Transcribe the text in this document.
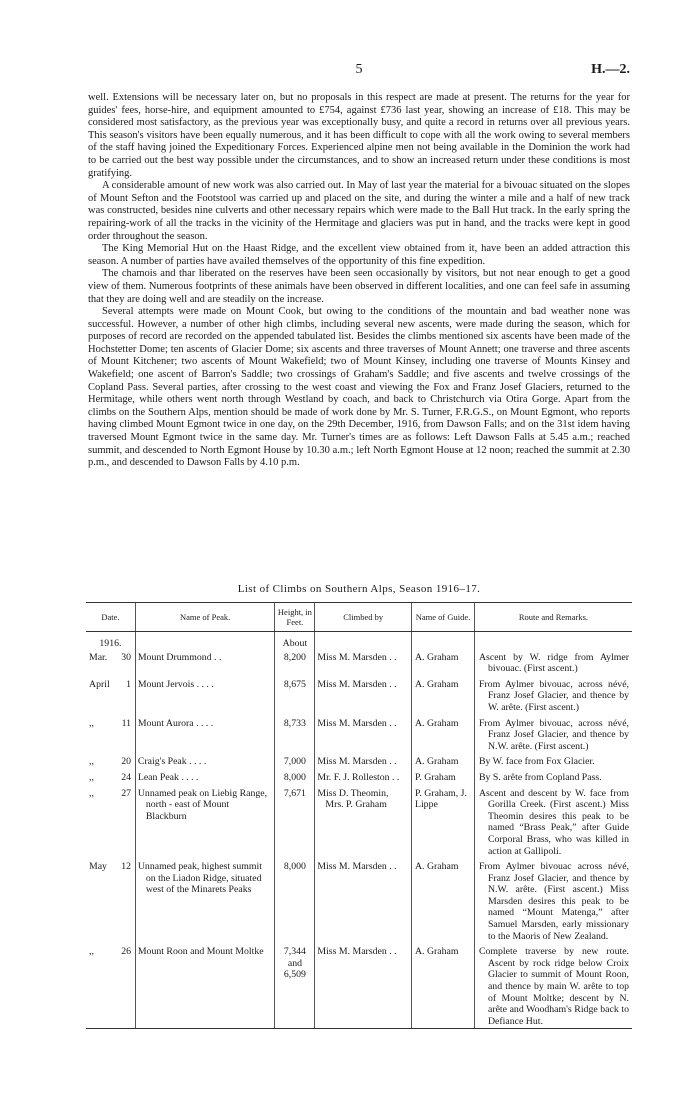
5	H.—2.

well. Extensions will be necessary later on, but no proposals in this respect are made at present. The returns for the year for guides' fees, horse-hire, and equipment amounted to £754, against £736 last year, showing an increase of £18. This may be considered most satisfactory, as the previous year was exceptionally busy, and quite a record in returns over all previous years. This season's visitors have been equally numerous, and it has been difficult to cope with all the work owing to several members of the staff having joined the Expeditionary Forces. Experienced alpine men not being available in the Dominion the work had to be carried out the best way possible under the circumstances, and to show an increased return under these conditions is most gratifying.

A considerable amount of new work was also carried out. In May of last year the material for a bivouac situated on the slopes of Mount Sefton and the Footstool was carried up and placed on the site, and during the winter a mile and a half of new track was constructed, besides nine culverts and other necessary repairs which were made to the Ball Hut track. In the early spring the repairing-work of all the tracks in the vicinity of the Hermitage and glaciers was put in hand, and the tracks were kept in good order throughout the season.

The King Memorial Hut on the Haast Ridge, and the excellent view obtained from it, have been an added attraction this season. A number of parties have availed themselves of the opportunity of this fine expedition.

The chamois and thar liberated on the reserves have been seen occasionally by visitors, but not near enough to get a good view of them. Numerous footprints of these animals have been observed in different localities, and one can feel safe in assuming that they are doing well and are steadily on the increase.

Several attempts were made on Mount Cook, but owing to the conditions of the mountain and bad weather none was successful. However, a number of other high climbs, including several new ascents, were made during the season, which for purposes of record are recorded on the appended tabulated list. Besides the climbs mentioned six ascents have been made of the Hochstetter Dome; ten ascents of Glacier Dome; six ascents and three traverses of Mount Annett; one traverse and three ascents of Mount Kitchener; two ascents of Mount Wakefield; two of Mount Kinsey, including one traverse of Mounts Kinsey and Wakefield; one ascent of Barron's Saddle; two crossings of Graham's Saddle; and five ascents and twelve crossings of the Copland Pass. Several parties, after crossing to the west coast and viewing the Fox and Franz Josef Glaciers, returned to the Hermitage, while others went north through Westland by coach, and back to Christchurch via Otira Gorge. Apart from the climbs on the Southern Alps, mention should be made of work done by Mr. S. Turner, F.R.G.S., on Mount Egmont, who reports having climbed Mount Egmont twice in one day, on the 29th December, 1916, from Dawson Falls; and on the 31st idem having traversed Mount Egmont twice in the same day. Mr. Turner's times are as follows: Left Dawson Falls at 5.45 a.m.; reached summit, and descended to North Egmont House by 10.30 a.m.; left North Egmont House at 12 noon; reached the summit at 2.30 p.m., and descended to Dawson Falls by 4.10 p.m.

List of Climbs on Southern Alps, Season 1916–17.
Date.	Name of Peak.	Height, in Feet.	Climbed by	Name of Guide.	Route and Remarks.
1916.		About			
Mar. 30	Mount Drummond . .	8,200	Miss M. Marsden . .	A. Graham	Ascent by W. ridge from Aylmer bivouac. (First ascent.)

April 1	Mount Jervois . . . .	8,675	Miss M. Marsden . .	A. Graham	From Aylmer bivouac, across névé, Franz Josef Glacier, and thence by W. arête. (First ascent.)

,, 11	Mount Aurora . . . .	8,733	Miss M. Marsden . .	A. Graham	From Aylmer bivouac, across névé, Franz Josef Glacier, and thence by N.W. arête. (First ascent.)

,, 20	Craig's Peak . . . .	7,000	Miss M. Marsden . .	A. Graham	By W. face from Fox Glacier.

,, 24	Lean Peak . . . .	8,000	Mr. F. J. Rolleston . .	P. Graham	By S. arête from Copland Pass.

,, 27	Unnamed peak on Liebig Range, north - east of Mount Blackburn	7,671	Miss D. Theomin, Mrs. P. Graham	P. Graham, J. Lippe	Ascent and descent by W. face from Gorilla Creek. (First ascent.) Miss Theomin desires this peak to be named “Brass Peak,” after Guide Corporal Brass, who was killed in action at Gallipoli.

May 12	Unnamed peak, highest summit on the Liadon Ridge, situated west of the Minarets Peaks	8,000	Miss M. Marsden . .	A. Graham	From Aylmer bivouac across névé, Franz Josef Glacier, and thence by N.W. arête. (First ascent.) Miss Marsden desires this peak to be named “Mount Matenga,” after Samuel Marsden, early missionary to the Maoris of New Zealand.

,, 26	Mount Roon and Mount Moltke	7,344 and 6,509	Miss M. Marsden . .	A. Graham	Complete traverse by new route. Ascent by rock ridge below Croix Glacier to summit of Mount Roon, and thence by main W. arête to top of Mount Moltke; descent by N. arête and Woodham's Ridge back to Defiance Hut.
